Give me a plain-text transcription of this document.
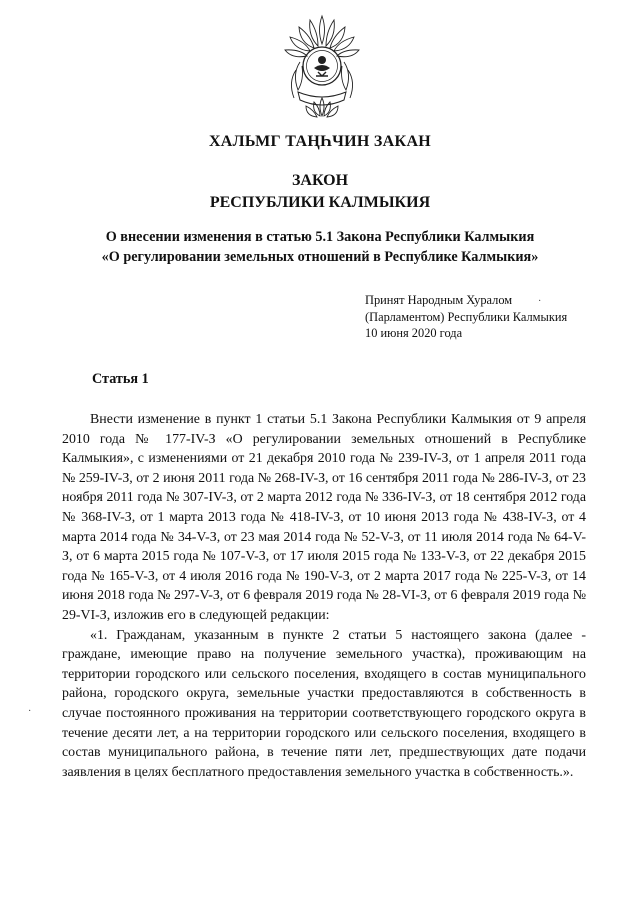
ХАЛЬМГ ТАҢҺЧИН ЗАКАН
ЗАКОН
РЕСПУБЛИКИ КАЛМЫКИЯ
О внесении изменения в статью 5.1 Закона Республики Калмыкия
«О регулировании земельных отношений в Республике Калмыкия»
Принят Народным Хуралом
(Парламентом) Республики Калмыкия
10 июня 2020 года
·
Статья 1

Внести изменение в пункт 1 статьи 5.1 Закона Республики Калмыкия от 9 апреля 2010 года № 177-IV-З «О регулировании земельных отношений в Республике Калмыкия», с изменениями от 21 декабря 2010 года № 239-IV-З, от 1 апреля 2011 года № 259-IV-З, от 2 июня 2011 года № 268-IV-З, от 16 сентября 2011 года № 286-IV-З, от 23 ноября 2011 года № 307-IV-З, от 2 марта 2012 года № 336-IV-З, от 18 сентября 2012 года № 368-IV-З, от 1 марта 2013 года № 418-IV-З, от 10 июня 2013 года № 438-IV-З, от 4 марта 2014 года № 34-V-З, от 23 мая 2014 года № 52-V-З, от 11 июля 2014 года № 64-V-З, от 6 марта 2015 года № 107-V-З, от 17 июля 2015 года № 133-V-З, от 22 декабря 2015 года № 165-V-З, от 4 июля 2016 года № 190-V-З, от 2 марта 2017 года № 225-V-З, от 14 июня 2018 года № 297-V-З, от 6 февраля 2019 года № 28-VI-З, от 6 февраля 2019 года № 29-VI-З, изложив его в следующей редакции:

«1. Гражданам, указанным в пункте 2 статьи 5 настоящего закона (далее - граждане, имеющие право на получение земельного участка), проживающим на территории городского или сельского поселения, входящего в состав муниципального района, городского округа, земельные участки предоставляются в собственность в случае постоянного проживания на территории соответствующего городского округа в течение десяти лет, а на территории городского или сельского поселения, входящего в состав муниципального района, в течение пяти лет, предшествующих дате подачи заявления в целях бесплатного предоставления земельного участка в собственность.».

·
